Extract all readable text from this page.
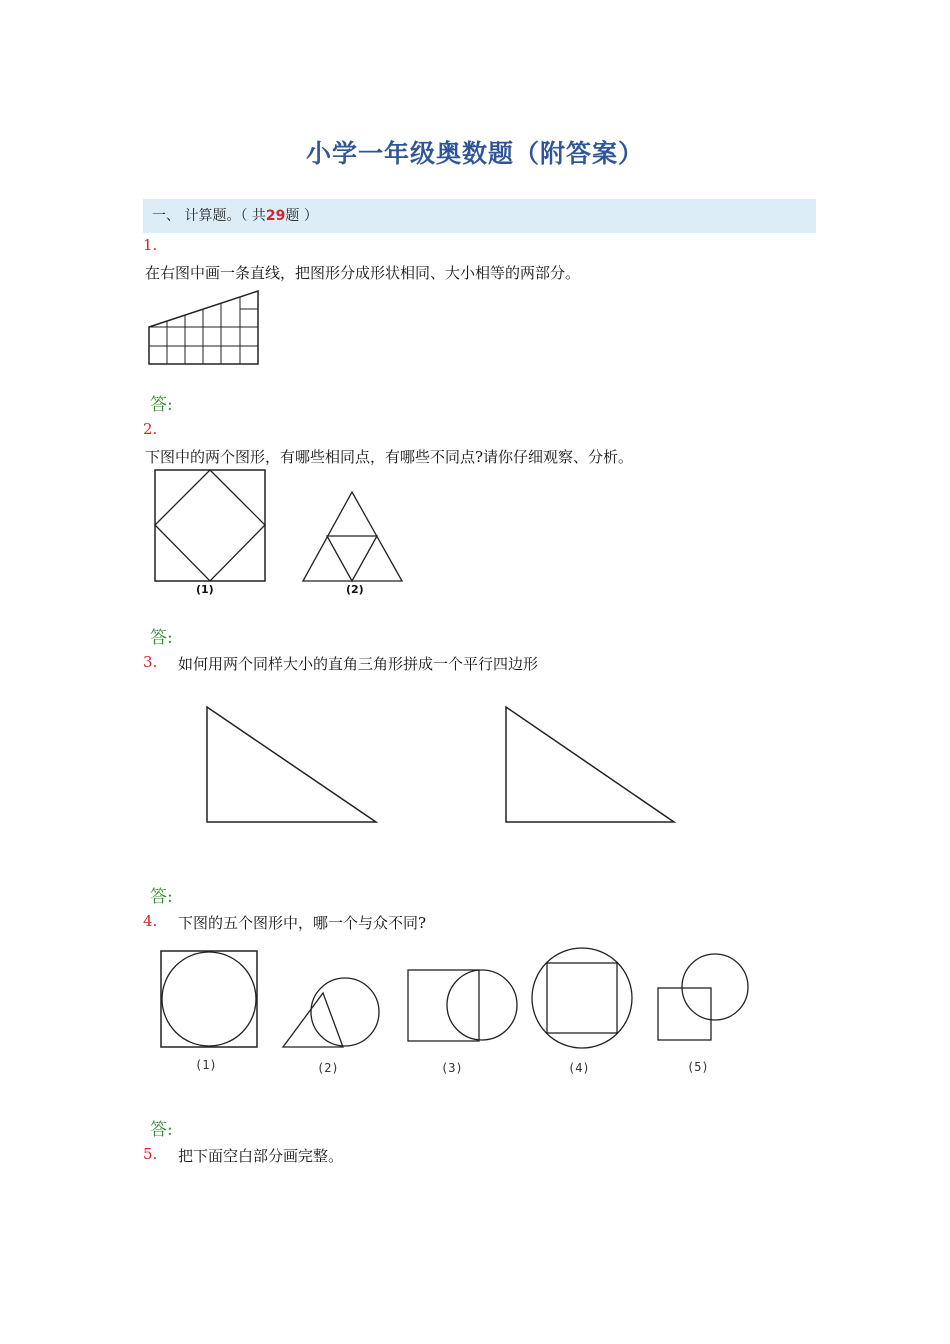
小学一年级奥数题（附答案）
一、 计算题。（ 共29题 ）
1.
在右图中画一条直线，把图形分成形状相同、大小相等的两部分。
答:
2.
下图中的两个图形，有哪些相同点，有哪些不同点?请你仔细观察、分析。
(1)	(2)
答:
3. 如何用两个同样大小的直角三角形拼成一个平行四边形
答:
4. 下图的五个图形中，哪一个与众不同?
(1)	(2)	(3)	(4)	(5)
答:
5. 把下面空白部分画完整。
